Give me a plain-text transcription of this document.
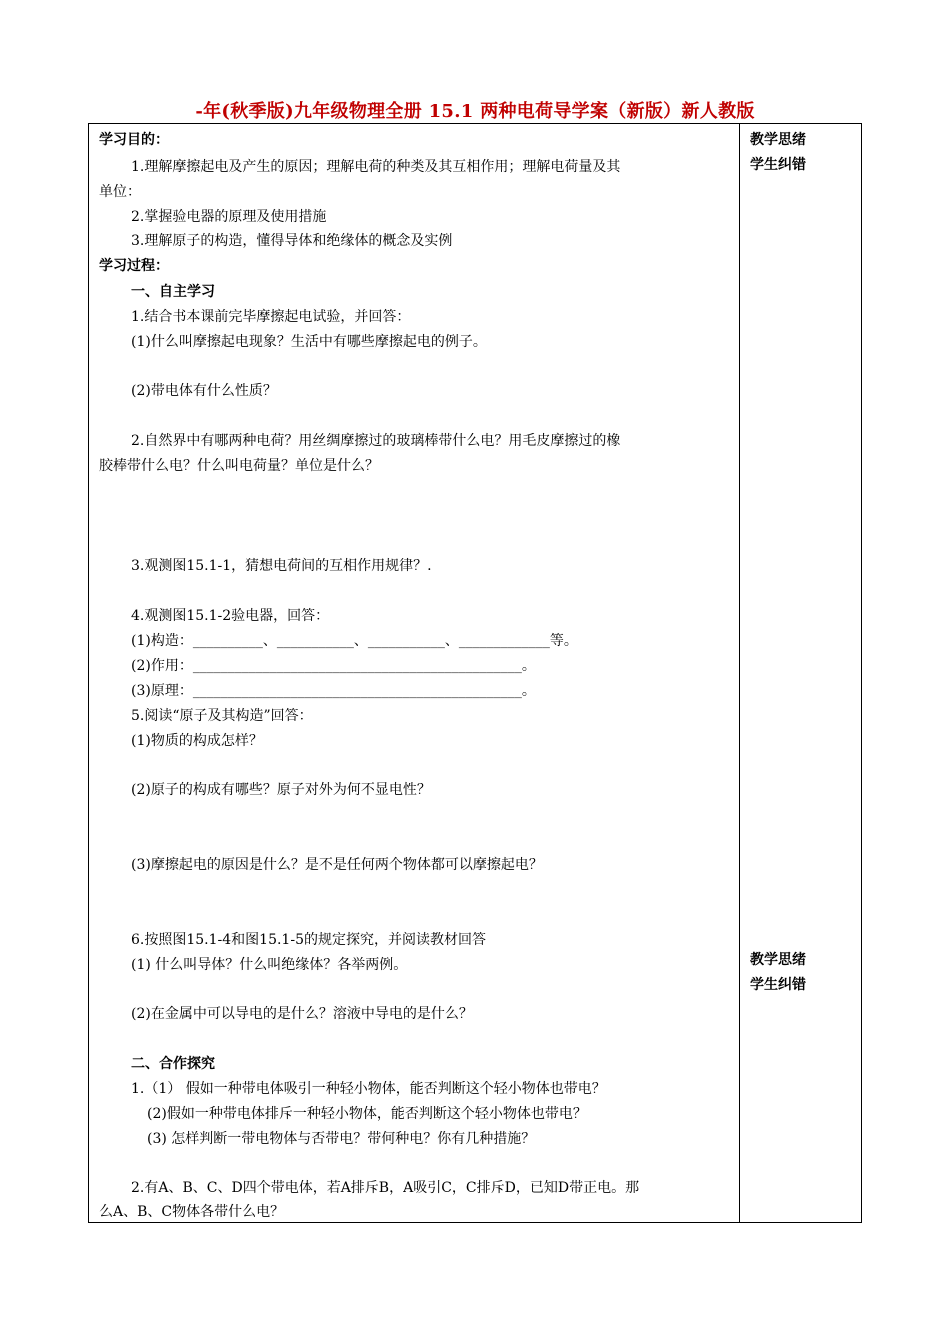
-年(秋季版)九年级物理全册 15.1 两种电荷导学案（新版）新人教版
学习目的：
1.理解摩擦起电及产生的原因；理解电荷的种类及其互相作用；理解电荷量及其
单位：
2.掌握验电器的原理及使用措施
3.理解原子的构造，懂得导体和绝缘体的概念及实例
学习过程：
一、自主学习
1.结合书本课前完毕摩擦起电试验，并回答：
(1)什么叫摩擦起电现象？生活中有哪些摩擦起电的例子。
(2)带电体有什么性质？
2.自然界中有哪两种电荷？用丝绸摩擦过的玻璃棒带什么电？用毛皮摩擦过的橡
胶棒带什么电？什么叫电荷量？单位是什么？
3.观测图15.1-1，猜想电荷间的互相作用规律？.
4.观测图15.1-2验电器，回答：
(1)构造：__________、___________、___________、_____________等。
(2)作用：_______________________________________________。
(3)原理：_______________________________________________。
5.阅读“原子及其构造”回答：
(1)物质的构成怎样？
(2)原子的构成有哪些？原子对外为何不显电性？
(3)摩擦起电的原因是什么？是不是任何两个物体都可以摩擦起电？
6.按照图15.1-4和图15.1-5的规定探究，并阅读教材回答
(1) 什么叫导体？什么叫绝缘体？各举两例。
(2)在金属中可以导电的是什么？溶液中导电的是什么？
二、合作探究
1.（1） 假如一种带电体吸引一种轻小物体，能否判断这个轻小物体也带电？
(2)假如一种带电体排斥一种轻小物体，能否判断这个轻小物体也带电？
(3) 怎样判断一带电物体与否带电？带何种电？你有几种措施？
2.有A、B、C、D四个带电体，若A排斥B，A吸引C，C排斥D，已知D带正电。那
么A、B、C物体各带什么电？
教学思绪
学生纠错
教学思绪
学生纠错
